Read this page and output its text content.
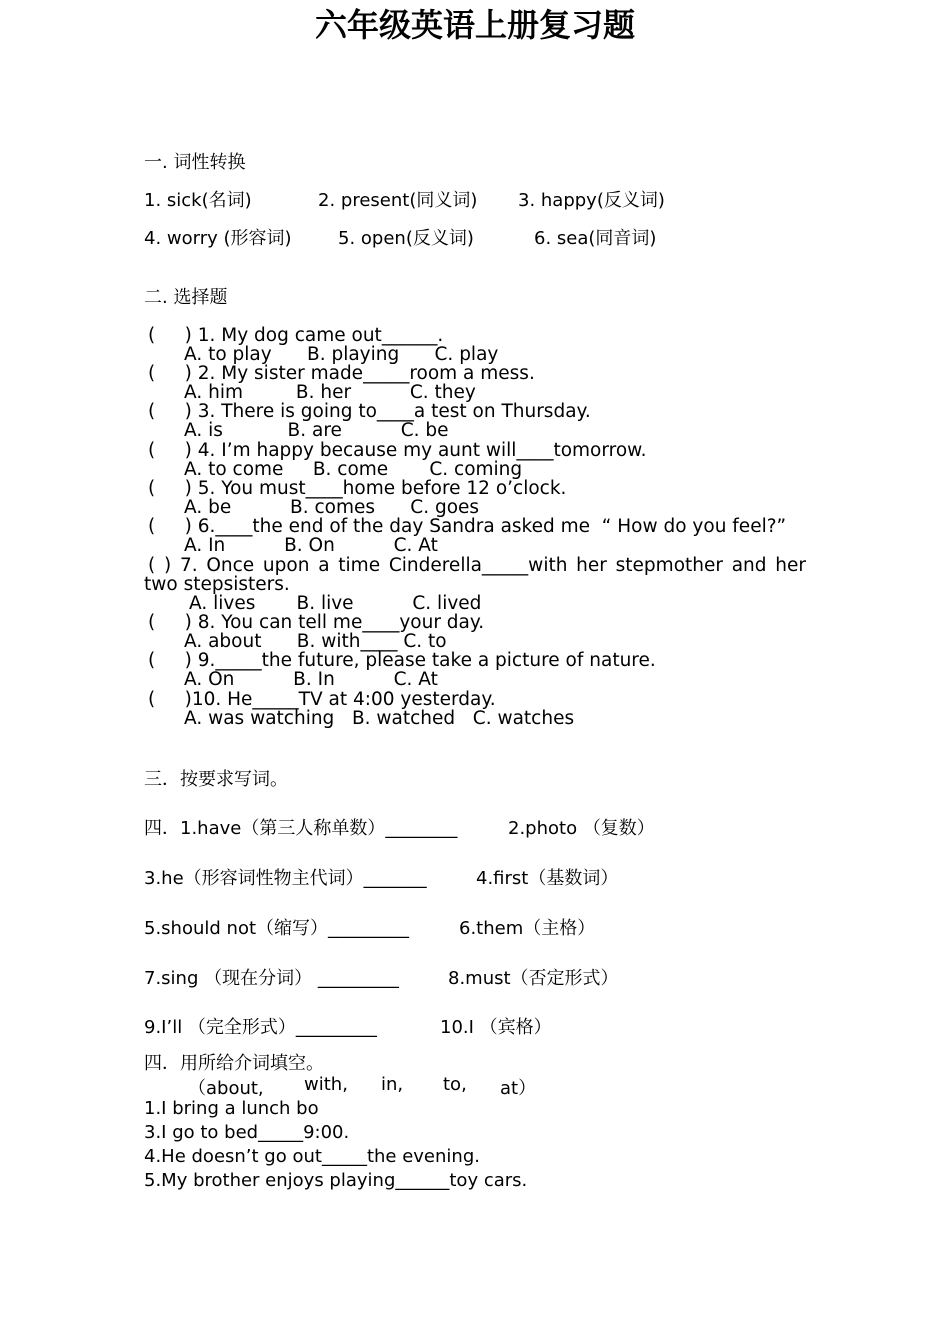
六年级英语上册复习题
一. 词性转换
1. sick(名词)	2. present(同义词) 3. happy(反义词)
4. worry (形容词)	5. open(反义词)	6. sea(同音词)
二. 选择题
(     ) 1. My dog came out______.
A. to play      B. playing      C. play
(     ) 2. My sister made_____room a mess.
A. him         B. her          C. they
(     ) 3. There is going to____a test on Thursday.
A. is           B. are          C. be
(     ) 4. I’m happy because my aunt will____tomorrow.
A. to come     B. come       C. coming
(     ) 5. You must____home before 12 o’clock.
A. be          B. comes      C. goes
(     ) 6.____the end of the day Sandra asked me  “ How do you feel?”
A. In          B. On          C. At
( ) 7. Once upon a time Cinderella_____with her stepmother and her
two stepsisters.
A. lives       B. live          C. lived
(     ) 8. You can tell me____your day.
A. about      B. with____ C. to
(     ) 9._____the future, please take a picture of nature.
A. On          B. In          C. At
(     )10. He_____TV at 4:00 yesterday.
A. was watching   B. watched   C. watches
三．按要求写词。
四．1.have（第三人称单数）________	2.photo （复数）
3.he（形容词性物主代词）_______	4.first（基数词）
5.should not（缩写）_________	6.them（主格）
7.sing （现在分词） _________	8.must（否定形式）
9.I’ll （完全形式）_________	10.I （宾格）
四．用所给介词填空。
（about, with, in, to, at）
1.I bring a lunch bo
3.I go to bed_____9:00.
4.He doesn’t go out_____the evening.
5.My brother enjoys playing______toy cars.
